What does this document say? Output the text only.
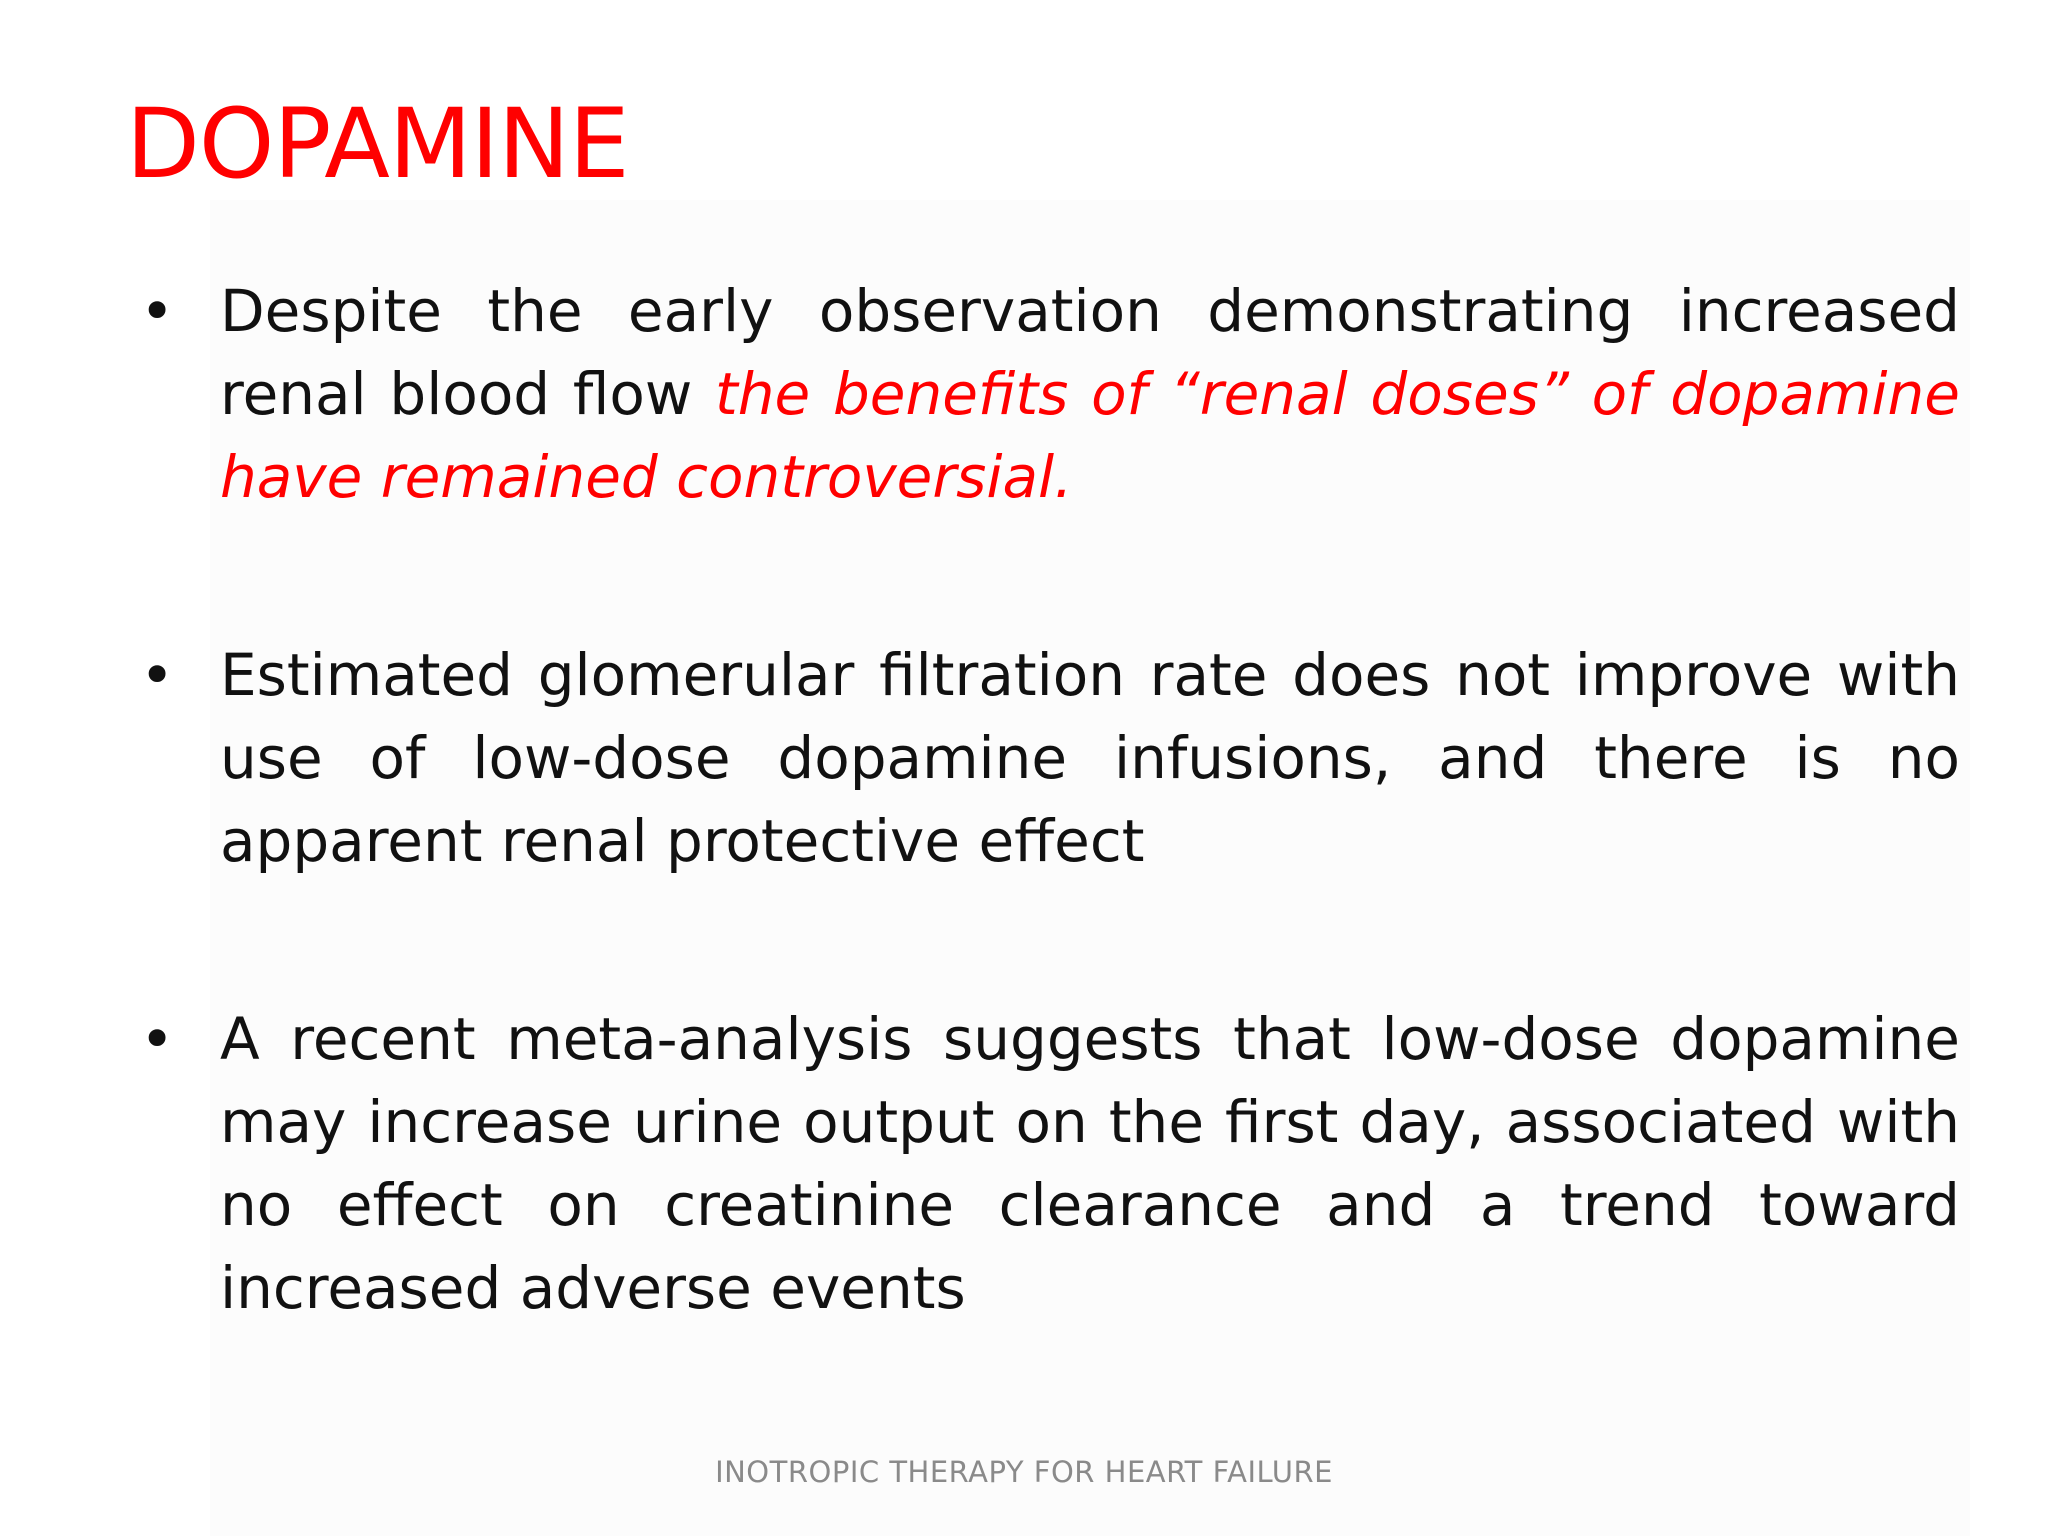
DOPAMINE
• Despite the early observation demonstrating increased renal blood flow the benefits of “renal doses” of dopamine have remained controversial.
• Estimated glomerular filtration rate does not improve with use of low-dose dopamine infusions, and there is no apparent renal protective effect
• A recent meta-analysis suggests that low-dose dopamine may increase urine output on the first day, associated with no effect on creatinine clearance and a trend toward increased adverse events
INOTROPIC THERAPY FOR HEART FAILURE
